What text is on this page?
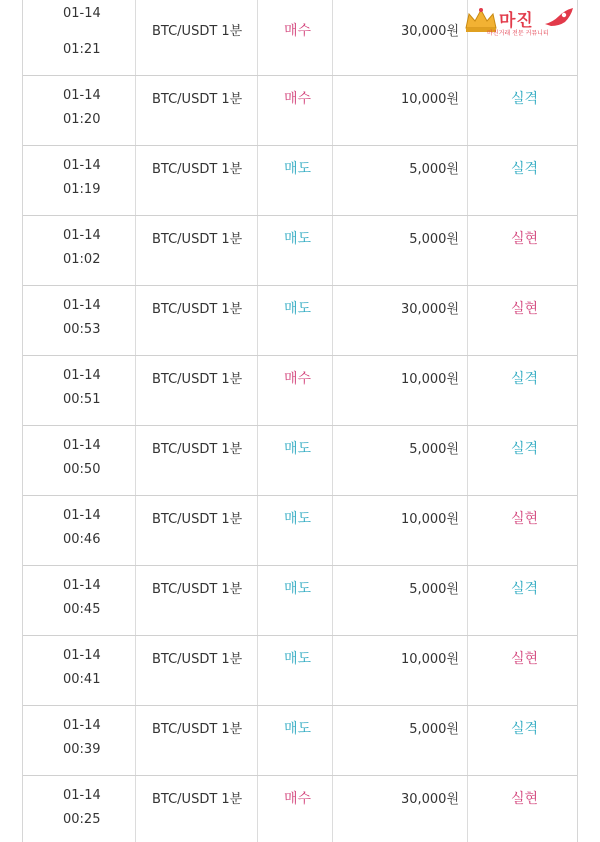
01-14
01:21
BTC/USDT 1분	매수	30,000원
01-14
01:20
BTC/USDT 1분	매수	10,000원	실격
01-14
01:19
BTC/USDT 1분	매도	5,000원	실격
01-14
01:02
BTC/USDT 1분	매도	5,000원	실현
01-14
00:53
BTC/USDT 1분	매도	30,000원	실현
01-14
00:51
BTC/USDT 1분	매수	10,000원	실격
01-14
00:50
BTC/USDT 1분	매도	5,000원	실격
01-14
00:46
BTC/USDT 1분	매도	10,000원	실현
01-14
00:45
BTC/USDT 1분	매도	5,000원	실격
01-14
00:41
BTC/USDT 1분	매도	10,000원	실현
01-14
00:39
BTC/USDT 1분	매도	5,000원	실격
01-14
00:25
BTC/USDT 1분	매수	30,000원	실현
마진
마진거래 전문 커뮤니티
